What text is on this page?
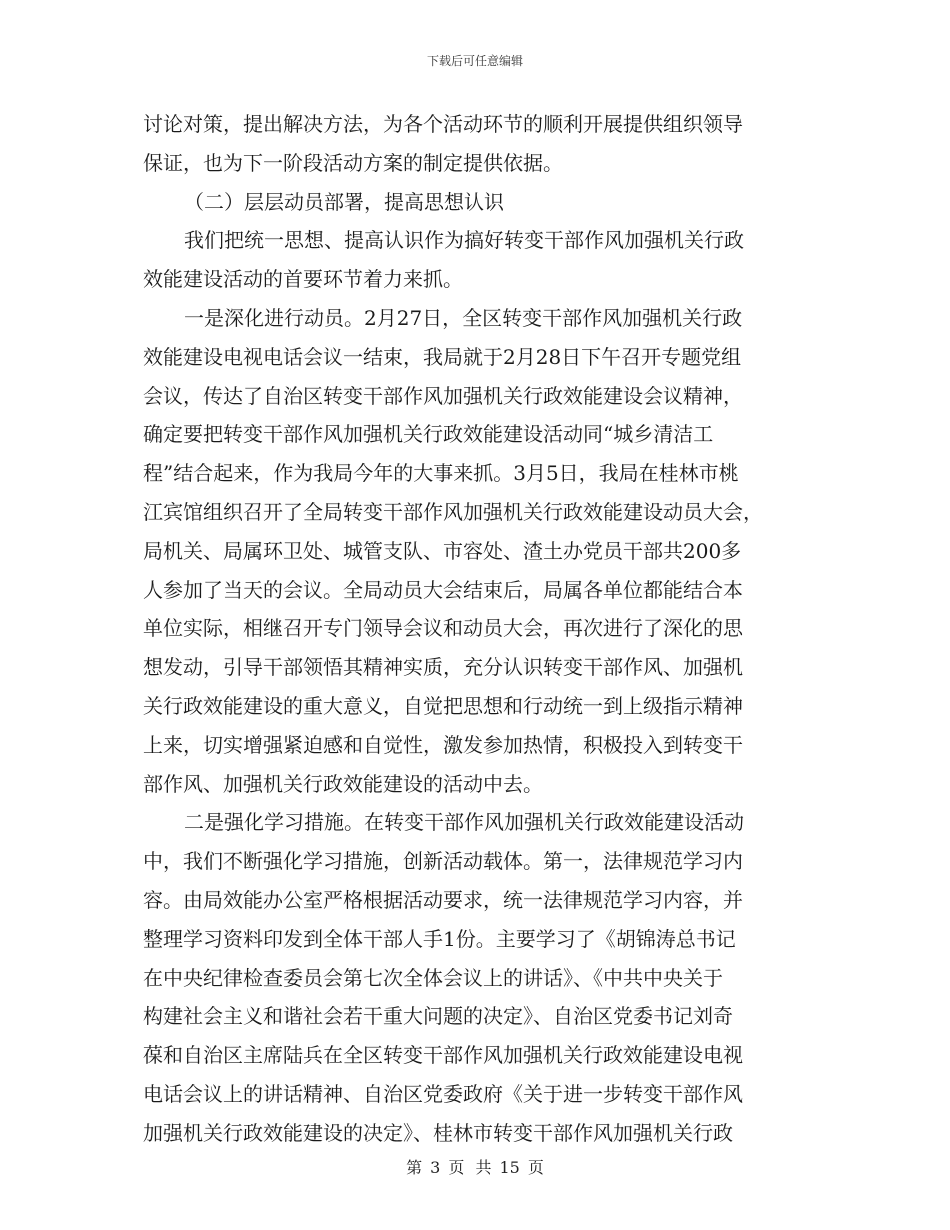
下载后可任意编辑
讨论对策，提出解决方法，为各个活动环节的顺利开展提供组织领导
保证，也为下一阶段活动方案的制定提供依据。
（二）层层动员部署，提高思想认识
我们把统一思想、提高认识作为搞好转变干部作风加强机关行政
效能建设活动的首要环节着力来抓。
一是深化进行动员。2月27日，全区转变干部作风加强机关行政
效能建设电视电话会议一结束，我局就于2月28日下午召开专题党组
会议，传达了自治区转变干部作风加强机关行政效能建设会议精神，
确定要把转变干部作风加强机关行政效能建设活动同“城乡清洁工
程”结合起来，作为我局今年的大事来抓。3月5日，我局在桂林市桃
江宾馆组织召开了全局转变干部作风加强机关行政效能建设动员大会，
局机关、局属环卫处、城管支队、市容处、渣土办党员干部共200多
人参加了当天的会议。全局动员大会结束后，局属各单位都能结合本
单位实际，相继召开专门领导会议和动员大会，再次进行了深化的思
想发动，引导干部领悟其精神实质，充分认识转变干部作风、加强机
关行政效能建设的重大意义，自觉把思想和行动统一到上级指示精神
上来，切实增强紧迫感和自觉性，激发参加热情，积极投入到转变干
部作风、加强机关行政效能建设的活动中去。
二是强化学习措施。在转变干部作风加强机关行政效能建设活动
中，我们不断强化学习措施，创新活动载体。第一，法律规范学习内
容。由局效能办公室严格根据活动要求，统一法律规范学习内容，并
整理学习资料印发到全体干部人手1份。主要学习了《胡锦涛总书记
在中央纪律检查委员会第七次全体会议上的讲话》、《中共中央关于
构建社会主义和谐社会若干重大问题的决定》、自治区党委书记刘奇
葆和自治区主席陆兵在全区转变干部作风加强机关行政效能建设电视
电话会议上的讲话精神、自治区党委政府《关于进一步转变干部作风
加强机关行政效能建设的决定》、桂林市转变干部作风加强机关行政
第 3 页 共 15 页
